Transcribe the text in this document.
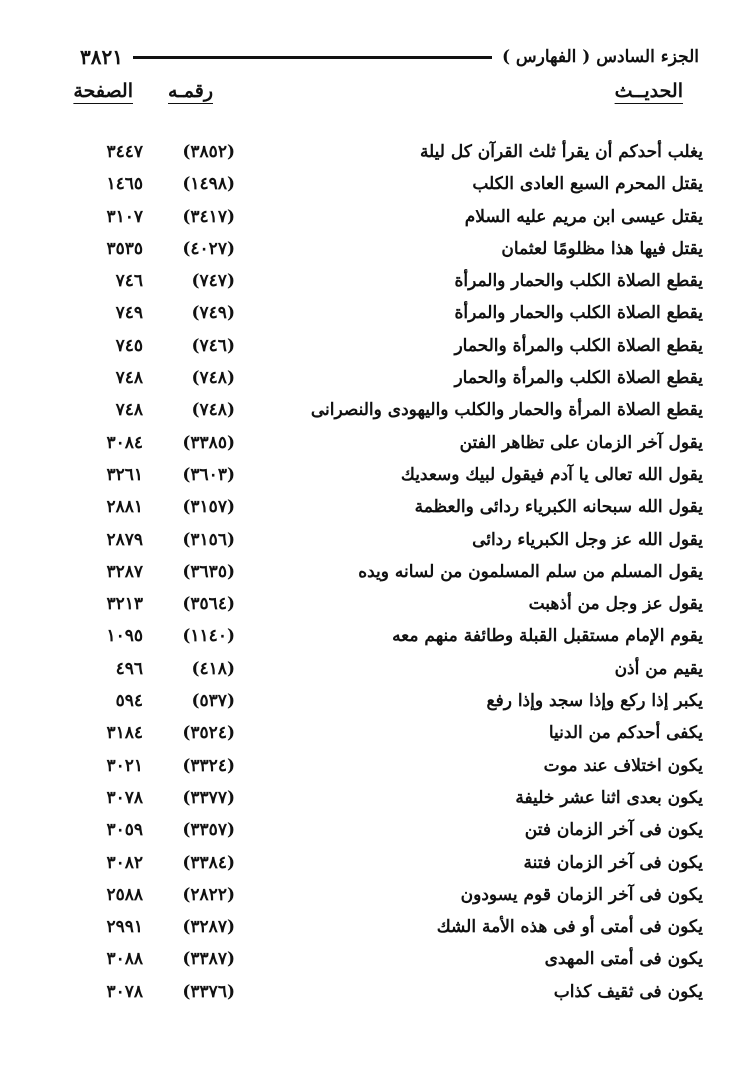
الجزء السادس ( الفهارس )
٣٨٢١
الحديــث
رقمـه
الصفحة
يغلب أحدكم أن يقرأ ثلث القرآن كل ليلة
(٣٨٥٢)
٣٤٤٧
يقتل المحرم السبع العادى الكلب
(١٤٩٨)
١٤٦٥
يقتل عيسى ابن مريم عليه السلام
(٣٤١٧)
٣١٠٧
يقتل فيها هذا مظلومًا لعثمان
(٤٠٢٧)
٣٥٣٥
يقطع الصلاة الكلب والحمار والمرأة
(٧٤٧)
٧٤٦
يقطع الصلاة الكلب والحمار والمرأة
(٧٤٩)
٧٤٩
يقطع الصلاة الكلب والمرأة والحمار
(٧٤٦)
٧٤٥
يقطع الصلاة الكلب والمرأة والحمار
(٧٤٨)
٧٤٨
يقطع الصلاة المرأة والحمار والكلب واليهودى والنصرانى
(٧٤٨)
٧٤٨
يقول آخر الزمان على تظاهر الفتن
(٣٣٨٥)
٣٠٨٤
يقول الله تعالى يا آدم فيقول لبيك وسعديك
(٣٦٠٣)
٣٢٦١
يقول الله سبحانه الكبرياء ردائى والعظمة
(٣١٥٧)
٢٨٨١
يقول الله عز وجل الكبرياء ردائى
(٣١٥٦)
٢٨٧٩
يقول المسلم من سلم المسلمون من لسانه ويده
(٣٦٣٥)
٣٢٨٧
يقول عز وجل من أذهبت
(٣٥٦٤)
٣٢١٣
يقوم الإمام مستقبل القبلة وطائفة منهم معه
(١١٤٠)
١٠٩٥
يقيم من أذن
(٤١٨)
٤٩٦
يكبر إذا ركع وإذا سجد وإذا رفع
(٥٣٧)
٥٩٤
يكفى أحدكم من الدنيا
(٣٥٢٤)
٣١٨٤
يكون اختلاف عند موت
(٣٣٢٤)
٣٠٢١
يكون بعدى اثنا عشر خليفة
(٣٣٧٧)
٣٠٧٨
يكون فى آخر الزمان فتن
(٣٣٥٧)
٣٠٥٩
يكون فى آخر الزمان فتنة
(٣٣٨٤)
٣٠٨٢
يكون فى آخر الزمان قوم يسودون
(٢٨٢٢)
٢٥٨٨
يكون فى أمتى أو فى هذه الأمة الشك
(٣٢٨٧)
٢٩٩١
يكون فى أمتى المهدى
(٣٣٨٧)
٣٠٨٨
يكون فى ثقيف كذاب
(٣٣٧٦)
٣٠٧٨
